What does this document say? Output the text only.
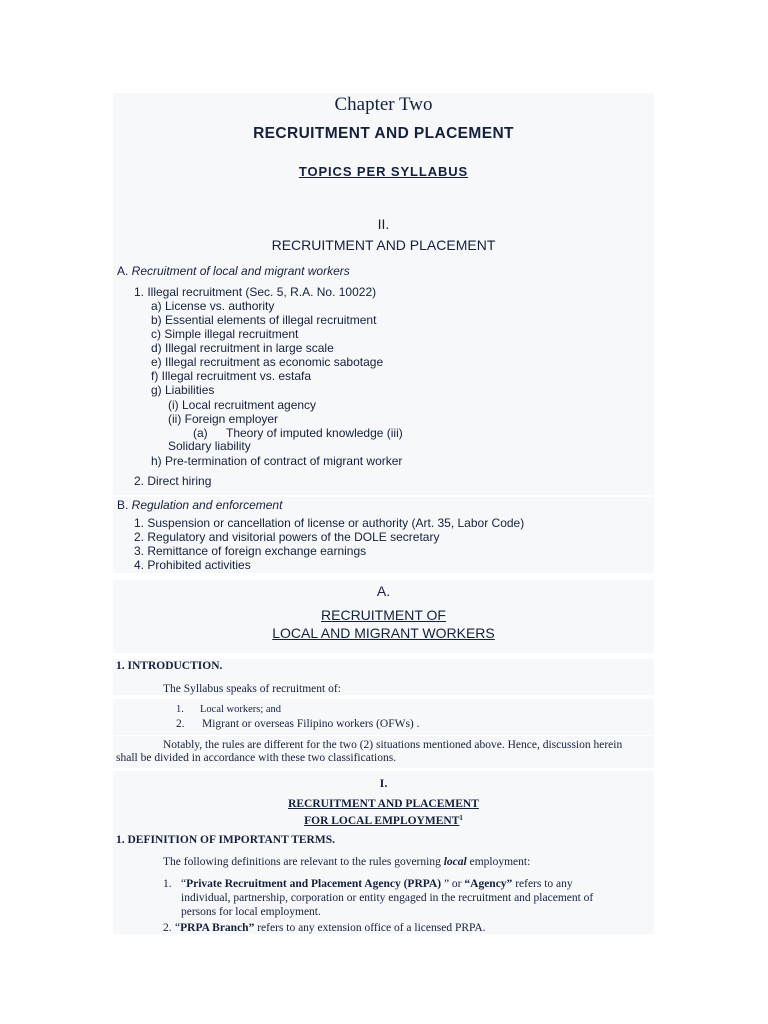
Chapter Two
RECRUITMENT AND PLACEMENT
TOPICS PER SYLLABUS
II.
RECRUITMENT AND PLACEMENT
A. Recruitment of local and migrant workers
1. Illegal recruitment (Sec. 5, R.A. No. 10022)
a) License vs. authority
b) Essential elements of illegal recruitment
c) Simple illegal recruitment
d) Illegal recruitment in large scale
e) Illegal recruitment as economic sabotage
f) Illegal recruitment vs. estafa
g) Liabilities
(i) Local recruitment agency
(ii) Foreign employer
(a) Theory of imputed knowledge (iii)
Solidary liability
h) Pre-termination of contract of migrant worker
2. Direct hiring
B. Regulation and enforcement
1. Suspension or cancellation of license or authority (Art. 35, Labor Code)
2. Regulatory and visitorial powers of the DOLE secretary
3. Remittance of foreign exchange earnings
4. Prohibited activities
A.
RECRUITMENT OF
LOCAL AND MIGRANT WORKERS
1. INTRODUCTION.
The Syllabus speaks of recruitment of:
1. Local workers; and
2. Migrant or overseas Filipino workers (OFWs) .
Notably, the rules are different for the two (2) situations mentioned above. Hence, discussion herein
shall be divided in accordance with these two classifications.
I.
RECRUITMENT AND PLACEMENT
FOR LOCAL EMPLOYMENT$^1$
1. DEFINITION OF IMPORTANT TERMS.
The following definitions are relevant to the rules governing local employment:
1. “Private Recruitment and Placement Agency (PRPA) ” or “Agency” refers to any
individual, partnership, corporation or entity engaged in the recruitment and placement of
persons for local employment.
2. “PRPA Branch” refers to any extension office of a licensed PRPA.
